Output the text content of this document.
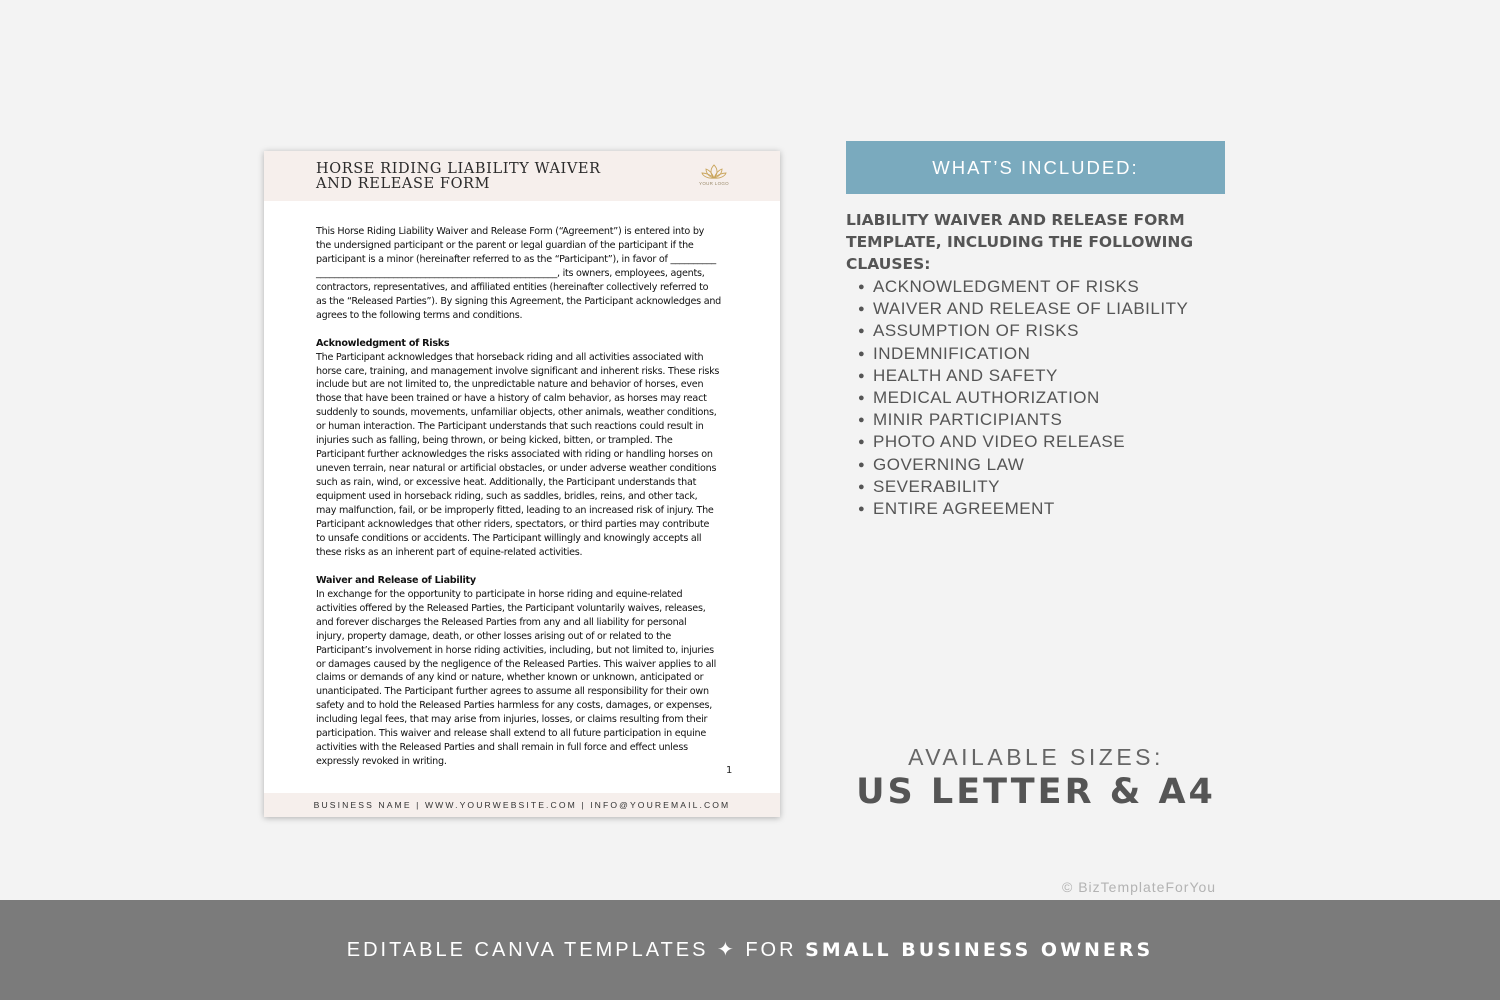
HORSE RIDING LIABILITY WAIVER
AND RELEASE FORM	YOUR LOGO
This Horse Riding Liability Waiver and Release Form (“Agreement”) is entered into by
the undersigned participant or the parent or legal guardian of the participant if the
participant is a minor (hereinafter referred to as the “Participant”), in favor of __________
_____________________________________________________, its owners, employees, agents,
contractors, representatives, and affiliated entities (hereinafter collectively referred to
as the “Released Parties”). By signing this Agreement, the Participant acknowledges and
agrees to the following terms and conditions.
Acknowledgment of Risks
The Participant acknowledges that horseback riding and all activities associated with
horse care, training, and management involve significant and inherent risks. These risks
include but are not limited to, the unpredictable nature and behavior of horses, even
those that have been trained or have a history of calm behavior, as horses may react
suddenly to sounds, movements, unfamiliar objects, other animals, weather conditions,
or human interaction. The Participant understands that such reactions could result in
injuries such as falling, being thrown, or being kicked, bitten, or trampled. The
Participant further acknowledges the risks associated with riding or handling horses on
uneven terrain, near natural or artificial obstacles, or under adverse weather conditions
such as rain, wind, or excessive heat. Additionally, the Participant understands that
equipment used in horseback riding, such as saddles, bridles, reins, and other tack,
may malfunction, fail, or be improperly fitted, leading to an increased risk of injury. The
Participant acknowledges that other riders, spectators, or third parties may contribute
to unsafe conditions or accidents. The Participant willingly and knowingly accepts all
these risks as an inherent part of equine-related activities.
Waiver and Release of Liability
In exchange for the opportunity to participate in horse riding and equine-related
activities offered by the Released Parties, the Participant voluntarily waives, releases,
and forever discharges the Released Parties from any and all liability for personal
injury, property damage, death, or other losses arising out of or related to the
Participant’s involvement in horse riding activities, including, but not limited to, injuries
or damages caused by the negligence of the Released Parties. This waiver applies to all
claims or demands of any kind or nature, whether known or unknown, anticipated or
unanticipated. The Participant further agrees to assume all responsibility for their own
safety and to hold the Released Parties harmless for any costs, damages, or expenses,
including legal fees, that may arise from injuries, losses, or claims resulting from their
participation. This waiver and release shall extend to all future participation in equine
activities with the Released Parties and shall remain in full force and effect unless
expressly revoked in writing.
1
BUSINESS NAME | WWW.YOURWEBSITE.COM | INFO@YOUREMAIL.COM
WHAT’S INCLUDED:
LIABILITY WAIVER AND RELEASE FORM
TEMPLATE, INCLUDING THE FOLLOWING
CLAUSES:
● ACKNOWLEDGMENT OF RISKS
● WAIVER AND RELEASE OF LIABILITY
● ASSUMPTION OF RISKS
● INDEMNIFICATION
● HEALTH AND SAFETY
● MEDICAL AUTHORIZATION
● MINIR PARTICIPIANTS
● PHOTO AND VIDEO RELEASE
● GOVERNING LAW
● SEVERABILITY
● ENTIRE AGREEMENT
AVAILABLE SIZES:
US LETTER & A4
© BizTemplateForYou
EDITABLE CANVA TEMPLATES ✦ FOR SMALL BUSINESS OWNERS
